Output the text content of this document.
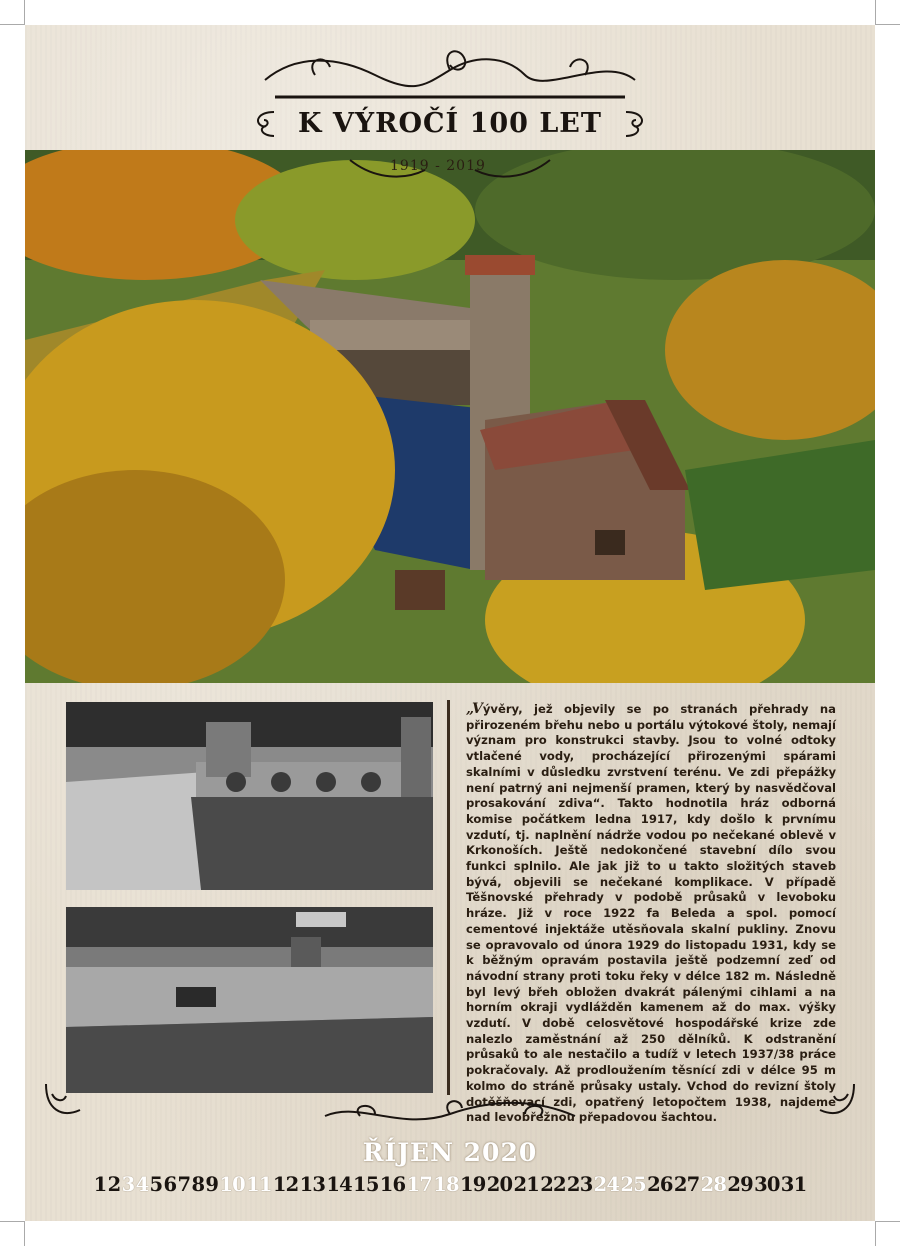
K VÝROČÍ 100 LET
1919 - 2019
„Vývěry, jež objevily se po stranách přehrady na přirozeném břehu nebo u portálu výtokové štoly, nemají význam pro konstrukci stavby. Jsou to volné odtoky vtlačené vody, procházející přirozenými spárami skalními v důsledku zvrstvení terénu. Ve zdi přepážky není patrný ani nejmenší pramen, který by nasvědčoval prosakování zdiva“. Takto hodnotila hráz odborná komise počátkem ledna 1917, kdy došlo k prvnímu vzdutí, tj. naplnění nádrže vodou po nečekané oblevě v Krkonoších. Ještě nedokončené stavební dílo svou funkci splnilo. Ale jak již to u takto složitých staveb bývá, objevili se nečekané komplikace. V případě Těšnovské přehrady v podobě průsaků v levoboku hráze. Již v roce 1922 fa Beleda a spol. pomocí cementové injektáže utěsňovala skalní pukliny. Znovu se opravovalo od února 1929 do listopadu 1931, kdy se k běžným opravám postavila ještě podzemní zeď od návodní strany proti toku řeky v délce 182 m. Následně byl levý břeh obložen dvakrát pálenými cihlami a na horním okraji vydlážděn kamenem až do max. výšky vzdutí. V době celosvětové hospodářské krize zde nalezlo zaměstnání až 250 dělníků. K odstranění průsaků to ale nestačilo a tudíž v letech 1937/38 práce pokračovaly. Až prodloužením těsnící zdi v délce 95 m kolmo do stráně průsaky ustaly. Vchod do revizní štoly dotěšňovací zdi, opatřený letopočtem 1938, najdeme nad levobřežnou přepadovou šachtou.
ŘÍJEN 2020
12345678910111213141516171819202122232425262728293031
